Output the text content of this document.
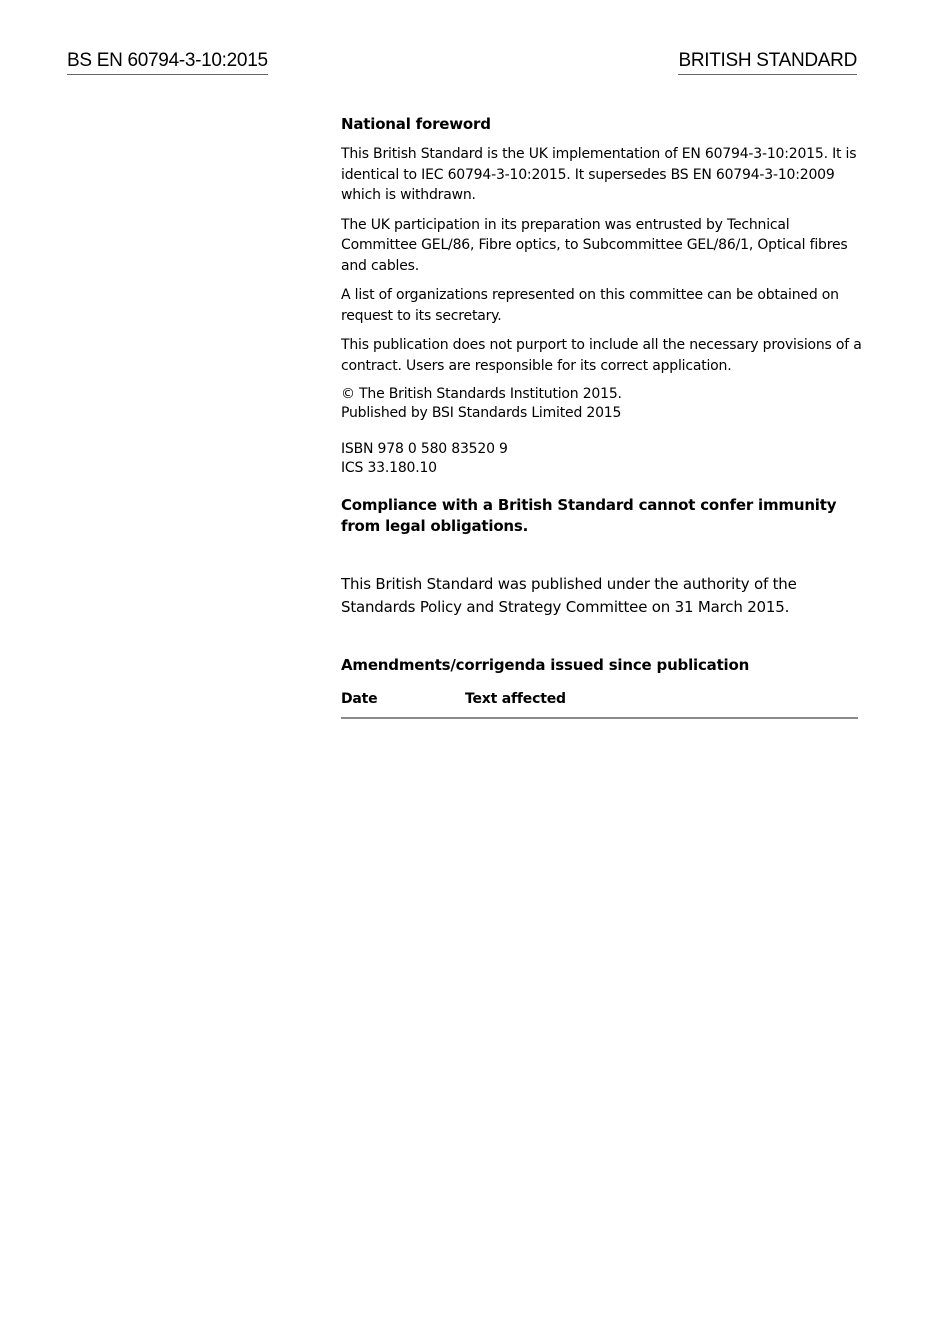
BS EN 60794-3-10:2015	BRITISH STANDARD
National foreword

This British Standard is the UK implementation of EN 60794-3-10:2015. It is identical to IEC 60794-3-10:2015. It supersedes BS EN 60794-3-10:2009 which is withdrawn.

The UK participation in its preparation was entrusted by Technical Committee GEL/86, Fibre optics, to Subcommittee GEL/86/1, Optical fibres and cables.

A list of organizations represented on this committee can be obtained on request to its secretary.

This publication does not purport to include all the necessary provisions of a contract. Users are responsible for its correct application.

© The British Standards Institution 2015.
Published by BSI Standards Limited 2015
ISBN 978 0 580 83520 9
ICS 33.180.10
Compliance with a British Standard cannot confer immunity from legal obligations.
This British Standard was published under the authority of the Standards Policy and Strategy Committee on 31 March 2015.
Amendments/corrigenda issued since publication
Date	Text affected
